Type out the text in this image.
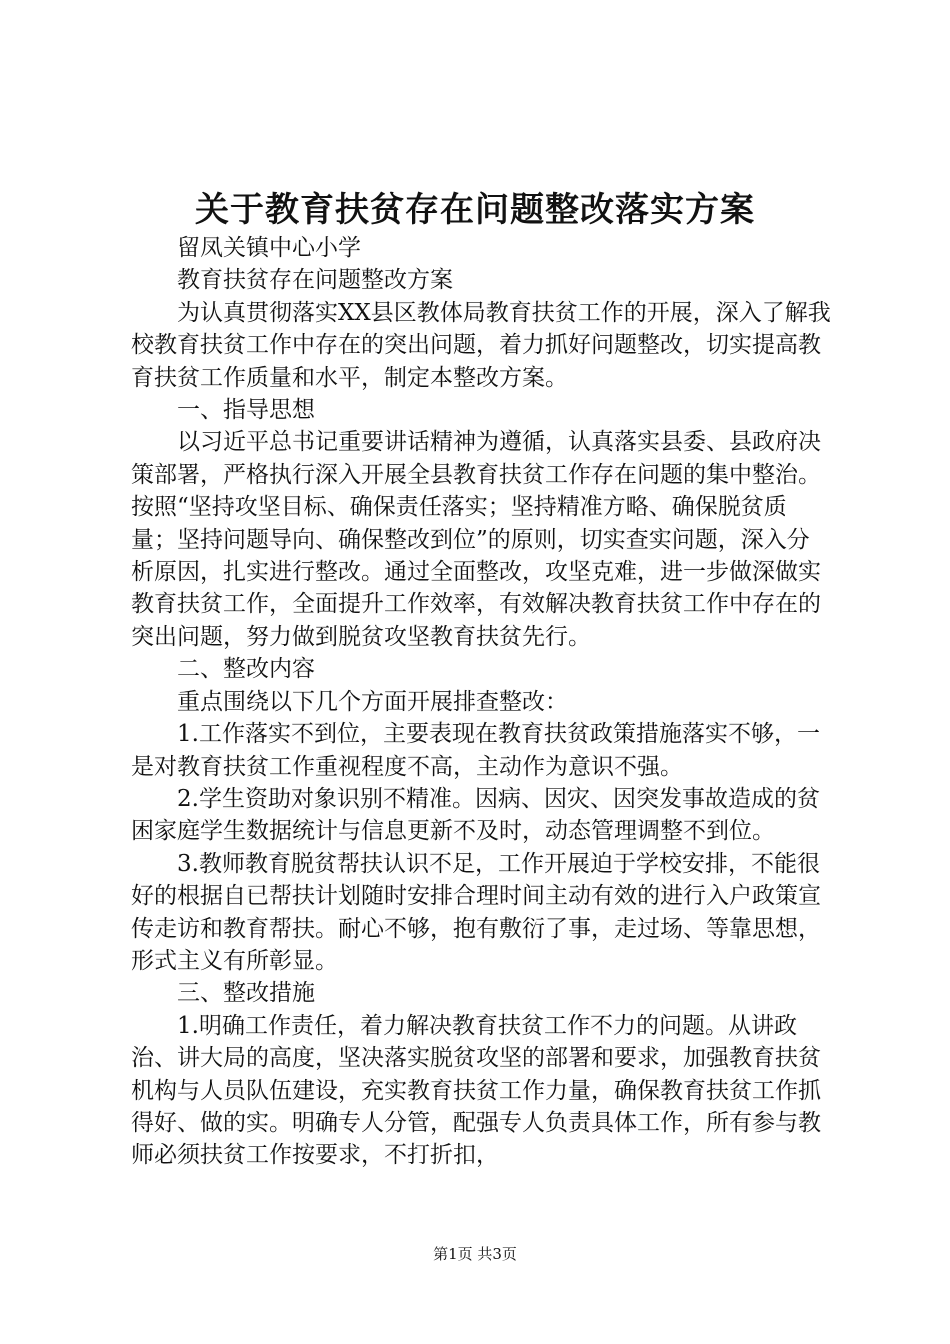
关于教育扶贫存在问题整改落实方案

留凤关镇中心小学

教育扶贫存在问题整改方案

为认真贯彻落实XX县区教体局教育扶贫工作的开展，深入了解我校教育扶贫工作中存在的突出问题，着力抓好问题整改，切实提高教育扶贫工作质量和水平，制定本整改方案。

一、指导思想

以习近平总书记重要讲话精神为遵循，认真落实县委、县政府决策部署，严格执行深入开展全县教育扶贫工作存在问题的集中整治。按照“坚持攻坚目标、确保责任落实；坚持精准方略、确保脱贫质量；坚持问题导向、确保整改到位”的原则，切实查实问题，深入分析原因，扎实进行整改。通过全面整改，攻坚克难，进一步做深做实教育扶贫工作，全面提升工作效率，有效解决教育扶贫工作中存在的突出问题，努力做到脱贫攻坚教育扶贫先行。

二、整改内容

重点围绕以下几个方面开展排查整改：

1.工作落实不到位，主要表现在教育扶贫政策措施落实不够，一是对教育扶贫工作重视程度不高，主动作为意识不强。

2.学生资助对象识别不精准。因病、因灾、因突发事故造成的贫困家庭学生数据统计与信息更新不及时，动态管理调整不到位。

3.教师教育脱贫帮扶认识不足，工作开展迫于学校安排，不能很好的根据自已帮扶计划随时安排合理时间主动有效的进行入户政策宣传走访和教育帮扶。耐心不够，抱有敷衍了事，走过场、等靠思想，形式主义有所彰显。

三、整改措施

1.明确工作责任，着力解决教育扶贫工作不力的问题。从讲政治、讲大局的高度，坚决落实脱贫攻坚的部署和要求，加强教育扶贫机构与人员队伍建设，充实教育扶贫工作力量，确保教育扶贫工作抓得好、做的实。明确专人分管，配强专人负责具体工作，所有参与教师必须扶贫工作按要求，不打折扣，

第1页 共3页
